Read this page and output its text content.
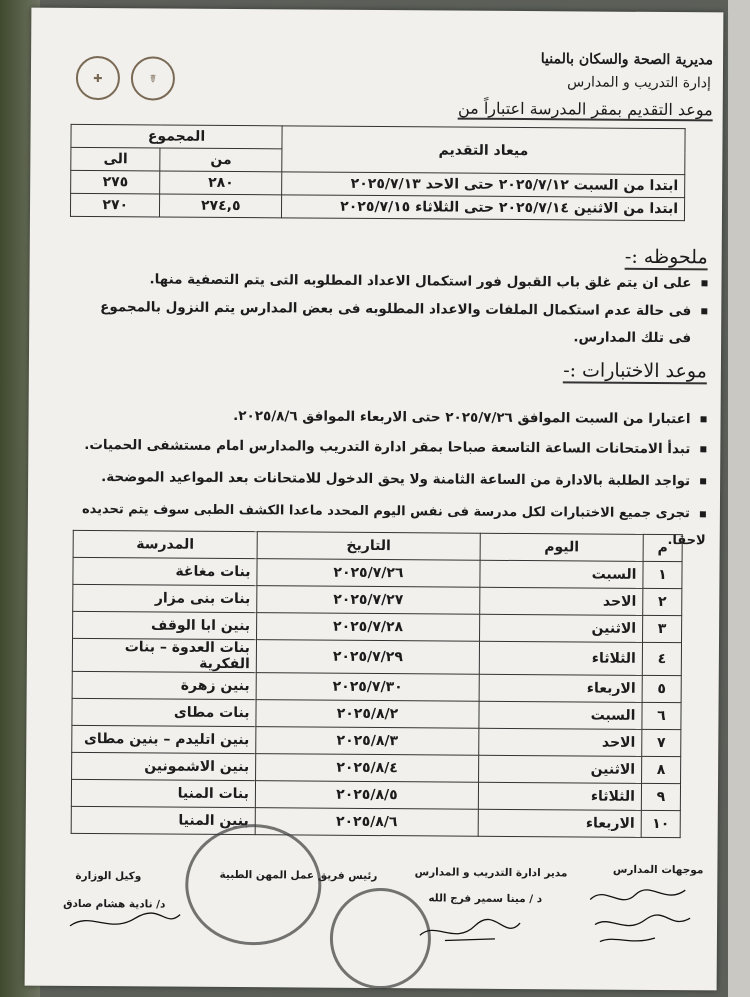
✚	☤
مديرية الصحة والسكان بالمنيا
إدارة التدريب و المدارس
موعد التقديم بمقر المدرسة اعتباراً من
ميعاد التقديم	المجموع	
	من	الى
ابتدا من السبت ٢٠٢٥/٧/١٢ حتى الاحد ٢٠٢٥/٧/١٣	٢٨٠	٢٧٥
ابتدا من الاثنين ٢٠٢٥/٧/١٤ حتى الثلاثاء ٢٠٢٥/٧/١٥	٢٧٤,٥	٢٧٠
ملحوظه :-
على ان يتم غلق باب القبول فور استكمال الاعداد المطلوبه التى يتم التصفية منها.
فى حالة عدم استكمال الملفات والاعداد المطلوبه فى بعض المدارس يتم النزول بالمجموع فى تلك المدارس.
موعد الاختبارات :-
اعتبارا من السبت الموافق ٢٠٢٥/٧/٢٦ حتى الاربعاء الموافق ٢٠٢٥/٨/٦.
تبدأ الامتحانات الساعة التاسعة صباحا بمقر ادارة التدريب والمدارس امام مستشفى الحميات.
تواجد الطلبة بالادارة من الساعة الثامنة ولا يحق الدخول للامتحانات بعد المواعيد الموضحة.
تجرى جميع الاختبارات لكل مدرسة فى نفس اليوم المحدد ماعدا الكشف الطبى سوف يتم تحديده لاحقا.
م	اليوم	التاريخ	المدرسة
١	السبت	٢٠٢٥/٧/٢٦	بنات مغاغة
٢	الاحد	٢٠٢٥/٧/٢٧	بنات بنى مزار
٣	الاثنين	٢٠٢٥/٧/٢٨	بنين ابا الوقف
٤	الثلاثاء	٢٠٢٥/٧/٢٩	بنات العدوة – بنات الفكرية
٥	الاربعاء	٢٠٢٥/٧/٣٠	بنين زهرة
٦	السبت	٢٠٢٥/٨/٢	بنات مطاى
٧	الاحد	٢٠٢٥/٨/٣	بنين اتليدم – بنين مطاى
٨	الاثنين	٢٠٢٥/٨/٤	بنين الاشمونين
٩	الثلاثاء	٢٠٢٥/٨/٥	بنات المنيا
١٠	الاربعاء	٢٠٢٥/٨/٦	بنين المنيا
موجهات المدارس
مدير ادارة التدريب و المدارس
د / مينا سمير فرج الله
رئيس فريق عمل المهن الطبية
وكيل الوزارة
د/ نادية هشام صادق
